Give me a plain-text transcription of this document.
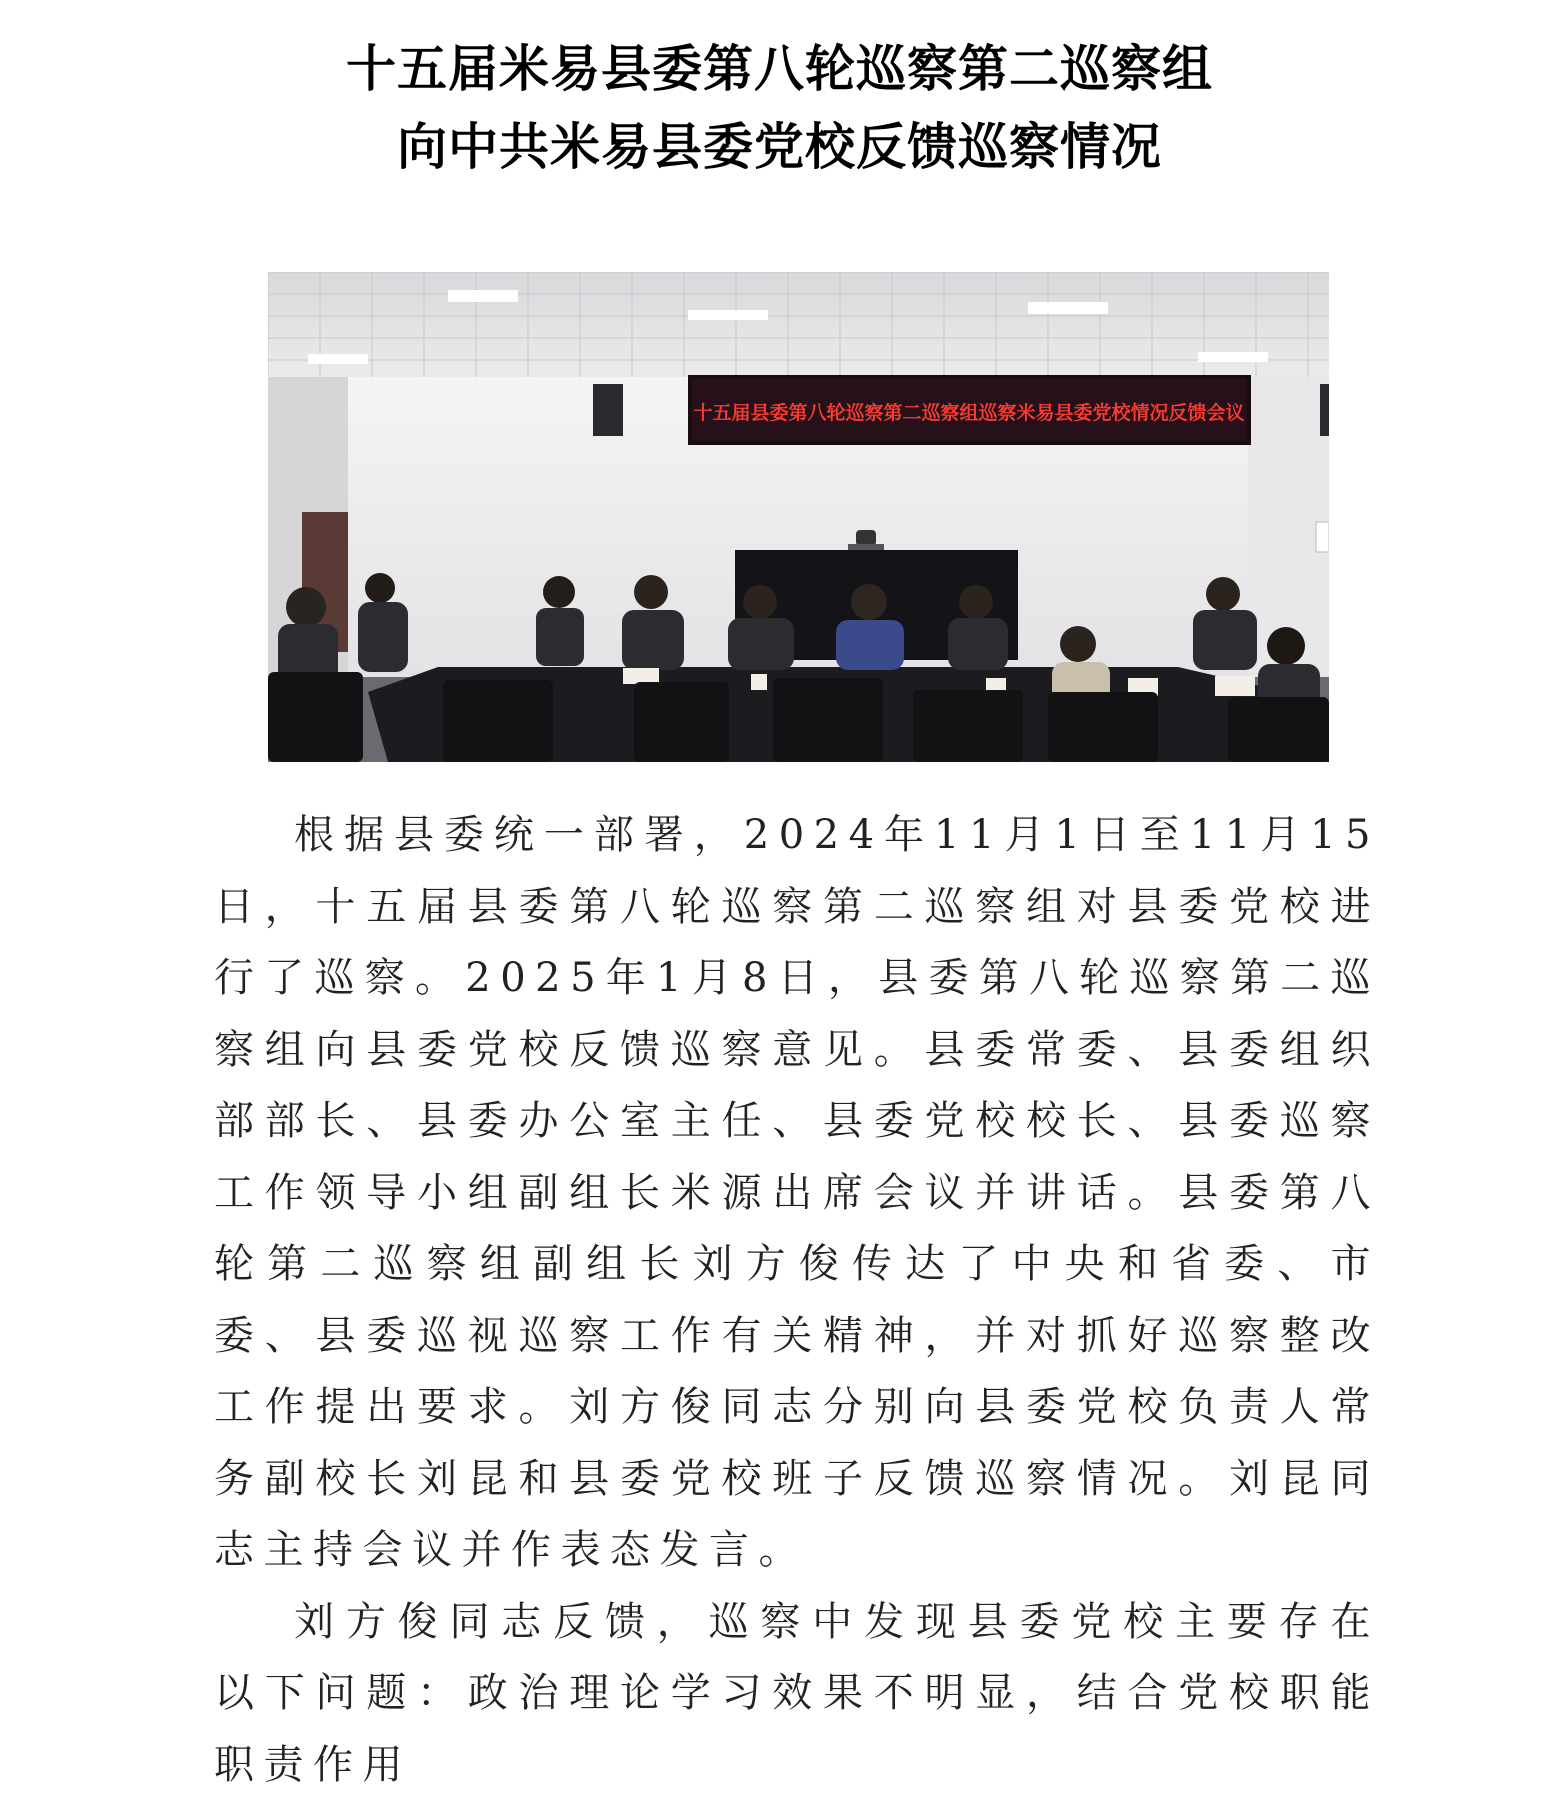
十五届米易县委第八轮巡察第二巡察组
向中共米易县委党校反馈巡察情况
十五届县委第八轮巡察第二巡察组巡察米易县委党校情况反馈会议

根据县委统一部署，2024年11月1日至11月15日，十五届县委第八轮巡察第二巡察组对县委党校进行了巡察。2025年1月8日，县委第八轮巡察第二巡察组向县委党校反馈巡察意见。县委常委、县委组织部部长、县委办公室主任、县委党校校长、县委巡察工作领导小组副组长米源出席会议并讲话。县委第八轮第二巡察组副组长刘方俊传达了中央和省委、市委、县委巡视巡察工作有关精神，并对抓好巡察整改工作提出要求。刘方俊同志分别向县委党校负责人常务副校长刘昆和县委党校班子反馈巡察情况。刘昆同志主持会议并作表态发言。

刘方俊同志反馈，巡察中发现县委党校主要存在以下问题：政治理论学习效果不明显，结合党校职能职责作用
